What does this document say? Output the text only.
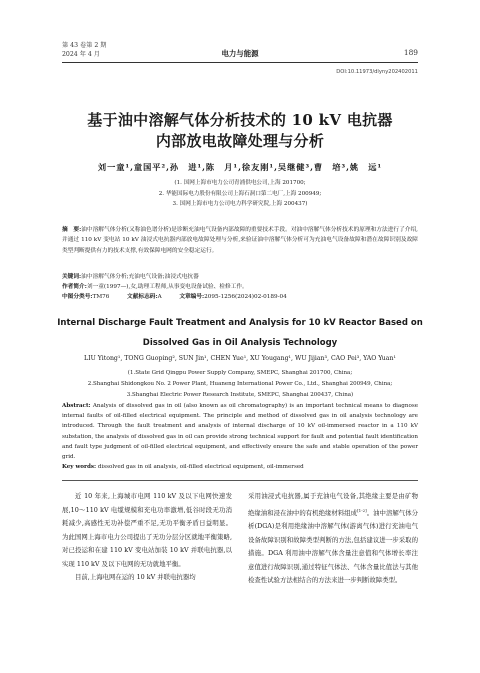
第 43 卷第 2 期
2024 年 4 月	电力与能源	189
DOI:10.11973/dlyny202402011
基于油中溶解气体分析技术的 10 kV 电抗器
内部放电故障处理与分析
刘一童¹,童国平²,孙　进¹,陈　月¹,徐友刚¹,吴继健³,曹　培³,姚　远¹
(1. 国网上海市电力公司青浦供电公司,上海 201700;
2. 华能国际电力股份有限公司上海石洞口第二电厂,上海 200949;
3. 国网上海市电力公司电力科学研究院,上海 200437)
摘　要:油中溶解气体分析(又称油色谱分析)是诊断充油电气设备内部故障的重要技术手段。对油中溶解气体分析技术的原理和方法进行了介绍,并通过 110 kV 变电站 10 kV 油浸式电抗器内部放电故障处理与分析,来验证油中溶解气体分析可为充油电气设备故障和潜在故障识别及故障类型判断提供有力的技术支撑,有效保障电网的安全稳定运行。
关键词:油中溶解气体分析;充油电气设备;油浸式电抗器
作者简介:刘一童(1997—),女,助理工程师,从事变电设备试验、检修工作。
中图分类号:TM76	文献标志码:A	文章编号:2095-1256(2024)02-0189-04
Internal Discharge Fault Treatment and Analysis for 10 kV Reactor Based on
Dissolved Gas in Oil Analysis Technology
LIU Yitong¹, TONG Guoping², SUN Jin¹, CHEN Yue¹, XU Yougang¹, WU Jijian³, CAO Pei³, YAO Yuan¹
(1.State Grid Qingpu Power Supply Company, SMEPC, Shanghai 201700, China;
2.Shanghai Shidongkou No. 2 Power Plant, Huaneng International Power Co., Ltd., Shanghai 200949, China;
3.Shanghai Electric Power Research Institute, SMEPC, Shanghai 200437, China)
Abstract: Analysis of dissolved gas in oil (also known as oil chromatography) is an important technical means to diagnose internal faults of oil-filled electrical equipment. The principle and method of dissolved gas in oil analysis technology are introduced. Through the fault treatment and analysis of internal discharge of 10 kV oil-immersed reactor in a 110 kV substation, the analysis of dissolved gas in oil can provide strong technical support for fault and potential fault identification and fault type judgment of oil-filled electrical equipment, and effectively ensure the safe and stable operation of the power grid.
Key words: dissolved gas in oil analysis, oil-filled electrical equipment, oil-immersed

近 10 年来,上海城市电网 110 kV 及以下电网快速发展,10～110 kV 电缆规模和充电功率激增,低谷时段无功消耗减少,高感性无功补偿严重不足,无功平衡矛盾日益明显。为此国网上海市电力公司提出了无功分层分区就地平衡策略,对已投运和在建 110 kV 变电站加装 10 kV 并联电抗器,以实现 110 kV 及以下电网的无功就地平衡。

目前,上海电网在运的 10 kV 并联电抗器均

采用油浸式电抗器,属于充油电气设备,其绝缘主要是由矿物绝缘油和浸在油中的有机绝缘材料组成[1-2]。油中溶解气体分析(DGA)是利用绝缘油中溶解气体(游离气体)进行充油电气设备故障识别和故障类型判断的方法,包括建议进一步采取的措施。DGA 利用油中溶解气体含量注意值和气体增长率注意值进行故障识别,通过特征气体法、气体含量比值法与其他检查性试验方法相结合的方法来进一步判断故障类型。
